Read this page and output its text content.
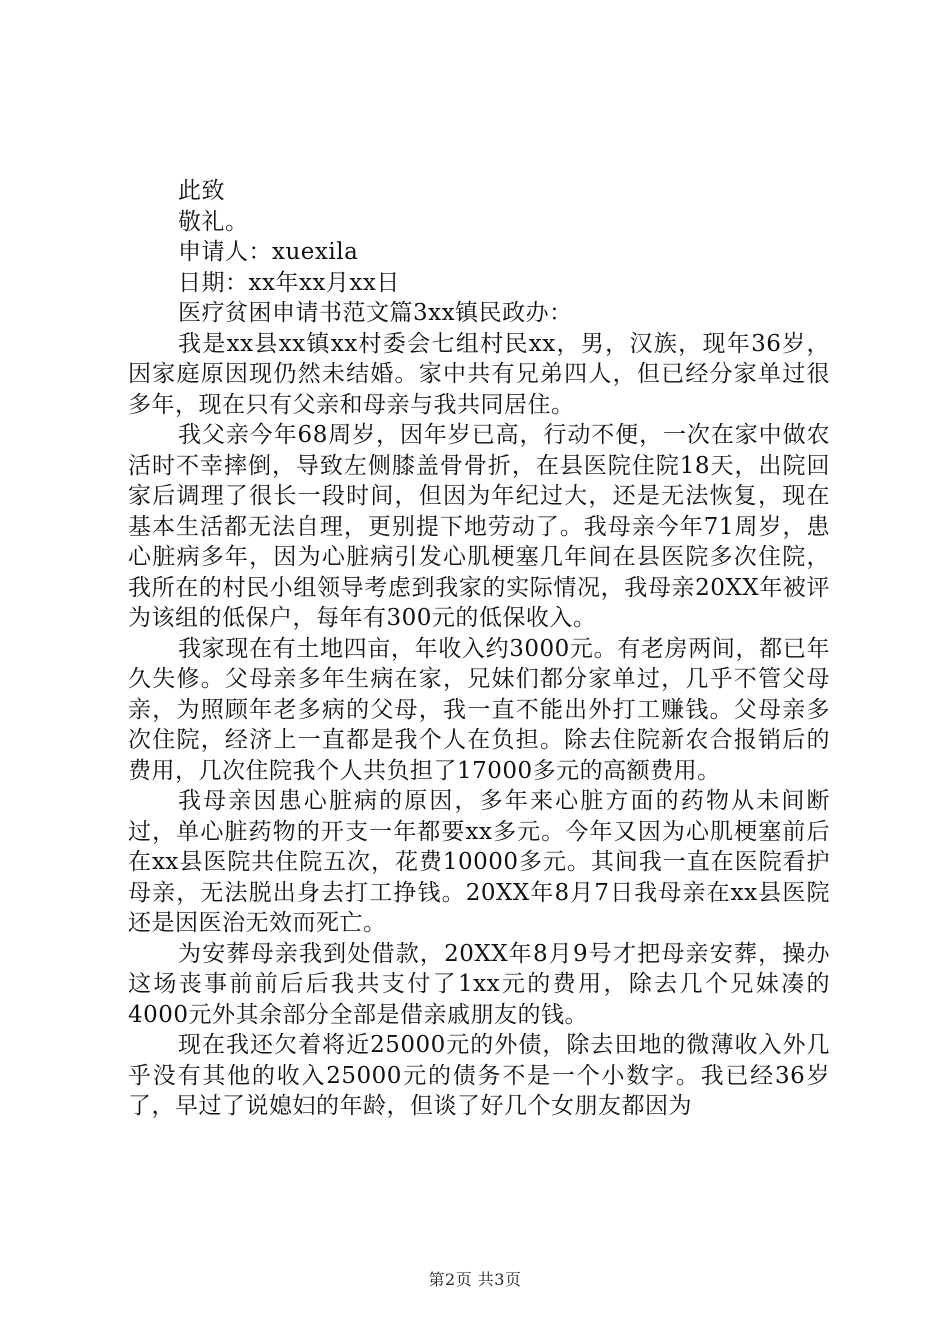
此致
敬礼。
申请人：xuexila
日期：xx年xx月xx日
医疗贫困申请书范文篇3xx镇民政办：

我是xx县xx镇xx村委会七组村民xx，男，汉族，现年36岁，因家庭原因现仍然未结婚。家中共有兄弟四人，但已经分家单过很多年，现在只有父亲和母亲与我共同居住。

我父亲今年68周岁，因年岁已高，行动不便，一次在家中做农活时不幸摔倒，导致左侧膝盖骨骨折，在县医院住院18天，出院回家后调理了很长一段时间，但因为年纪过大，还是无法恢复，现在基本生活都无法自理，更别提下地劳动了。我母亲今年71周岁，患心脏病多年，因为心脏病引发心肌梗塞几年间在县医院多次住院，我所在的村民小组领导考虑到我家的实际情况，我母亲20XX年被评为该组的低保户，每年有300元的低保收入。

我家现在有土地四亩，年收入约3000元。有老房两间，都已年久失修。父母亲多年生病在家，兄妹们都分家单过，几乎不管父母亲，为照顾年老多病的父母，我一直不能出外打工赚钱。父母亲多次住院，经济上一直都是我个人在负担。除去住院新农合报销后的费用，几次住院我个人共负担了17000多元的高额费用。

我母亲因患心脏病的原因，多年来心脏方面的药物从未间断过，单心脏药物的开支一年都要xx多元。今年又因为心肌梗塞前后在xx县医院共住院五次，花费10000多元。其间我一直在医院看护母亲，无法脱出身去打工挣钱。20XX年8月7日我母亲在xx县医院还是因医治无效而死亡。

为安葬母亲我到处借款，20XX年8月9号才把母亲安葬，操办这场丧事前前后后我共支付了1xx元的费用，除去几个兄妹凑的4000元外其余部分全部是借亲戚朋友的钱。

现在我还欠着将近25000元的外债，除去田地的微薄收入外几乎没有其他的收入25000元的债务不是一个小数字。我已经36岁了，早过了说媳妇的年龄，但谈了好几个女朋友都因为

第2页 共3页
